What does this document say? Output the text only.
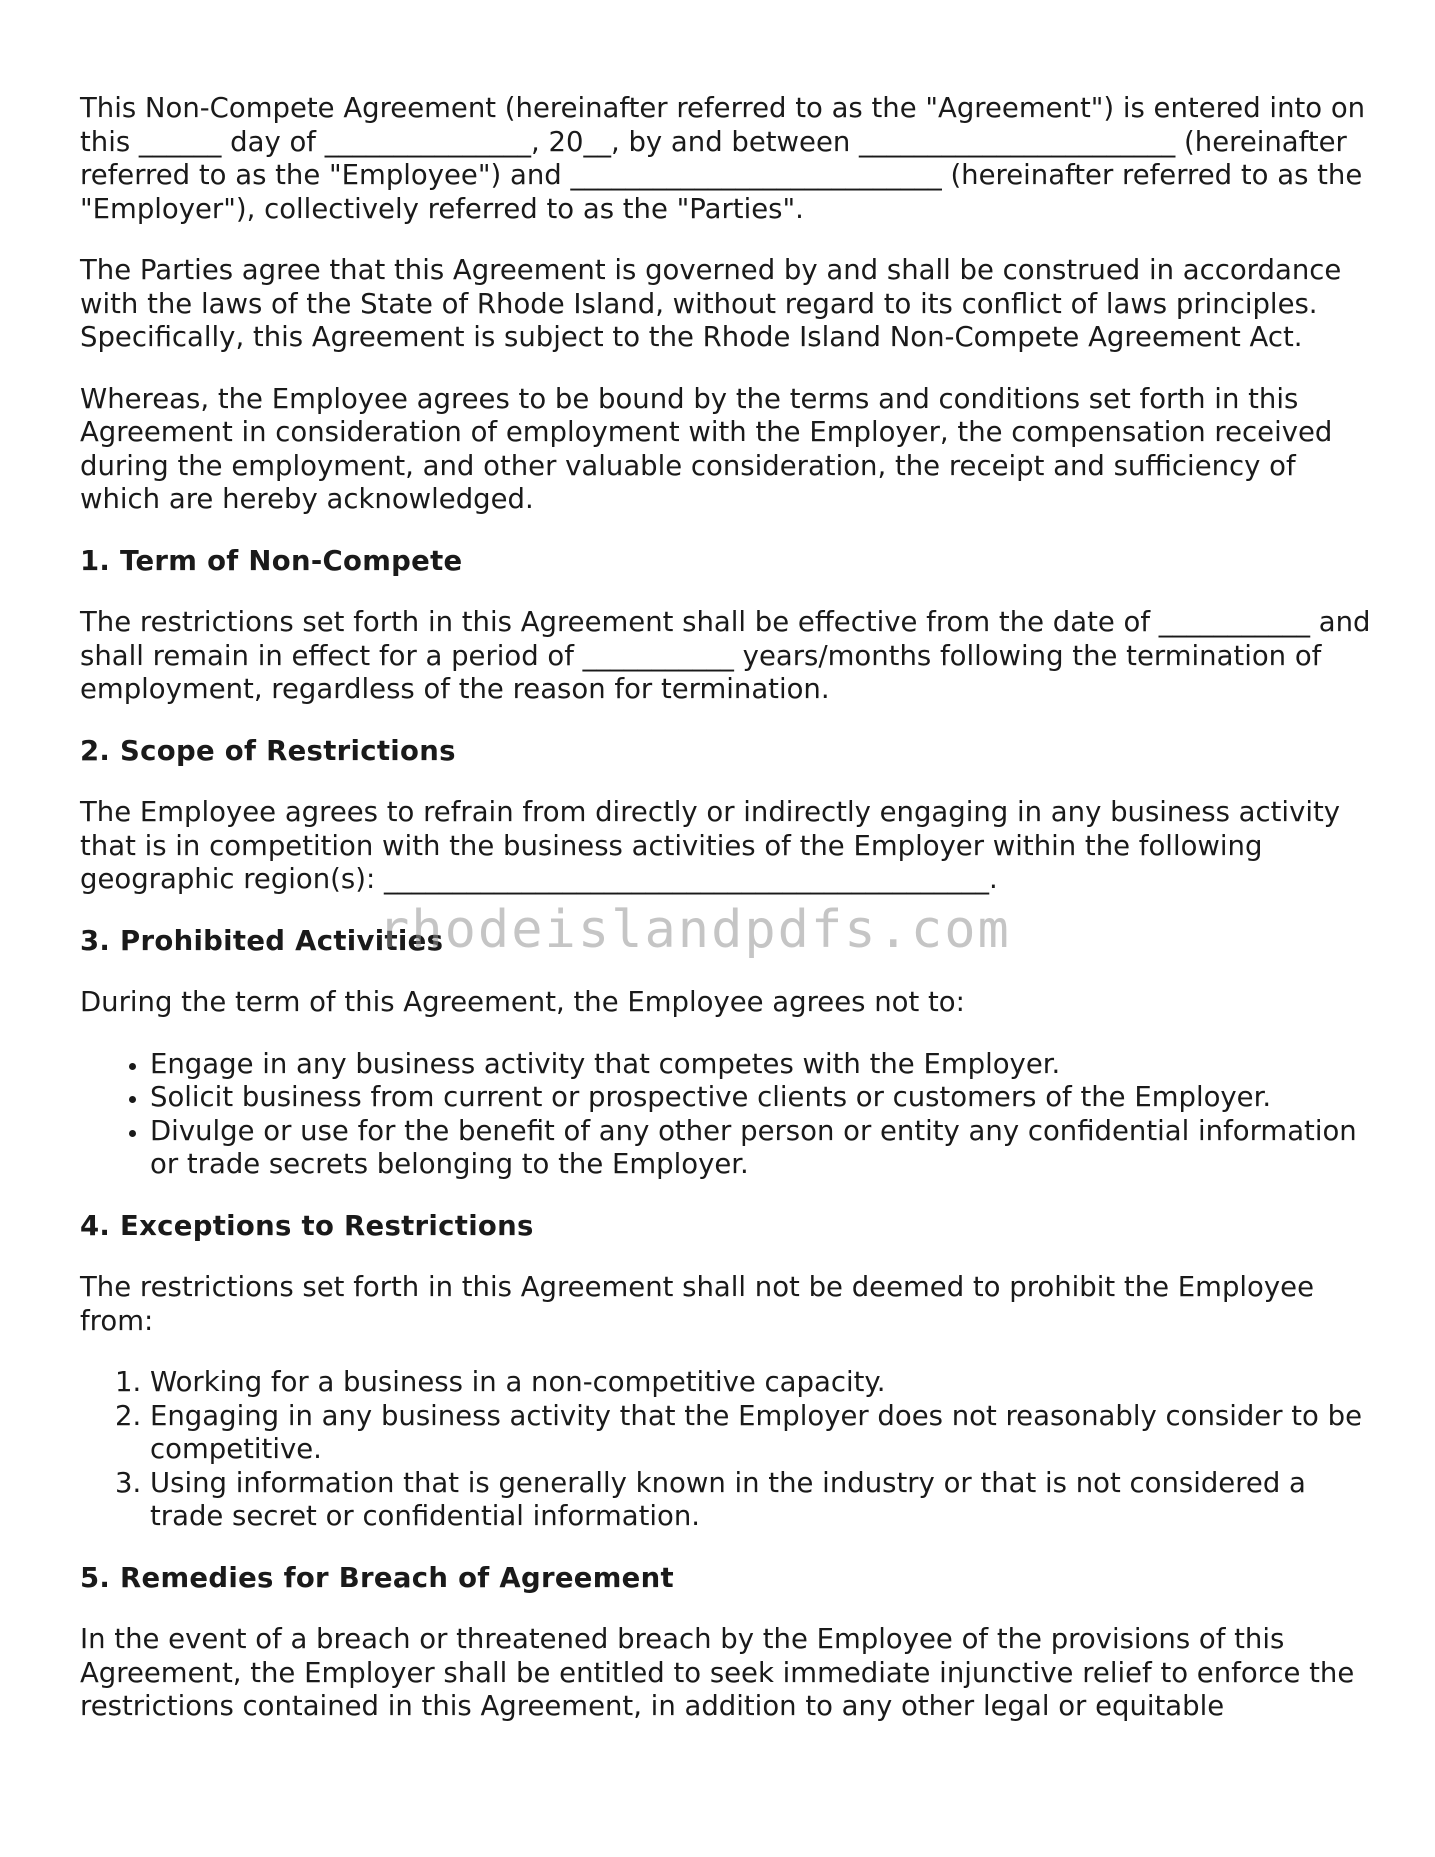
This Non-Compete Agreement (hereinafter referred to as the "Agreement") is entered into on this ______ day of _______________, 20__, by and between _______________________ (hereinafter referred to as the "Employee") and ___________________________ (hereinafter referred to as the "Employer"), collectively referred to as the "Parties".

The Parties agree that this Agreement is governed by and shall be construed in accordance with the laws of the State of Rhode Island, without regard to its conflict of laws principles. Specifically, this Agreement is subject to the Rhode Island Non-Compete Agreement Act.

Whereas, the Employee agrees to be bound by the terms and conditions set forth in this Agreement in consideration of employment with the Employer, the compensation received during the employment, and other valuable consideration, the receipt and sufficiency of which are hereby acknowledged.

1. Term of Non-Compete

The restrictions set forth in this Agreement shall be effective from the date of ___________ and shall remain in effect for a period of ___________ years/months following the termination of employment, regardless of the reason for termination.

2. Scope of Restrictions

The Employee agrees to refrain from directly or indirectly engaging in any business activity that is in competition with the business activities of the Employer within the following geographic region(s): ____________________________________________.

3. Prohibited Activities

During the term of this Agreement, the Employee agrees not to:

• Engage in any business activity that competes with the Employer.
• Solicit business from current or prospective clients or customers of the Employer.
• Divulge or use for the benefit of any other person or entity any confidential information or trade secrets belonging to the Employer.
4. Exceptions to Restrictions

The restrictions set forth in this Agreement shall not be deemed to prohibit the Employee from:

1. Working for a business in a non-competitive capacity.
2. Engaging in any business activity that the Employer does not reasonably consider to be competitive.
3. Using information that is generally known in the industry or that is not considered a trade secret or confidential information.
5. Remedies for Breach of Agreement

In the event of a breach or threatened breach by the Employee of the provisions of this Agreement, the Employer shall be entitled to seek immediate injunctive relief to enforce the restrictions contained in this Agreement, in addition to any other legal or equitable

rhodeislandpdfs.com
